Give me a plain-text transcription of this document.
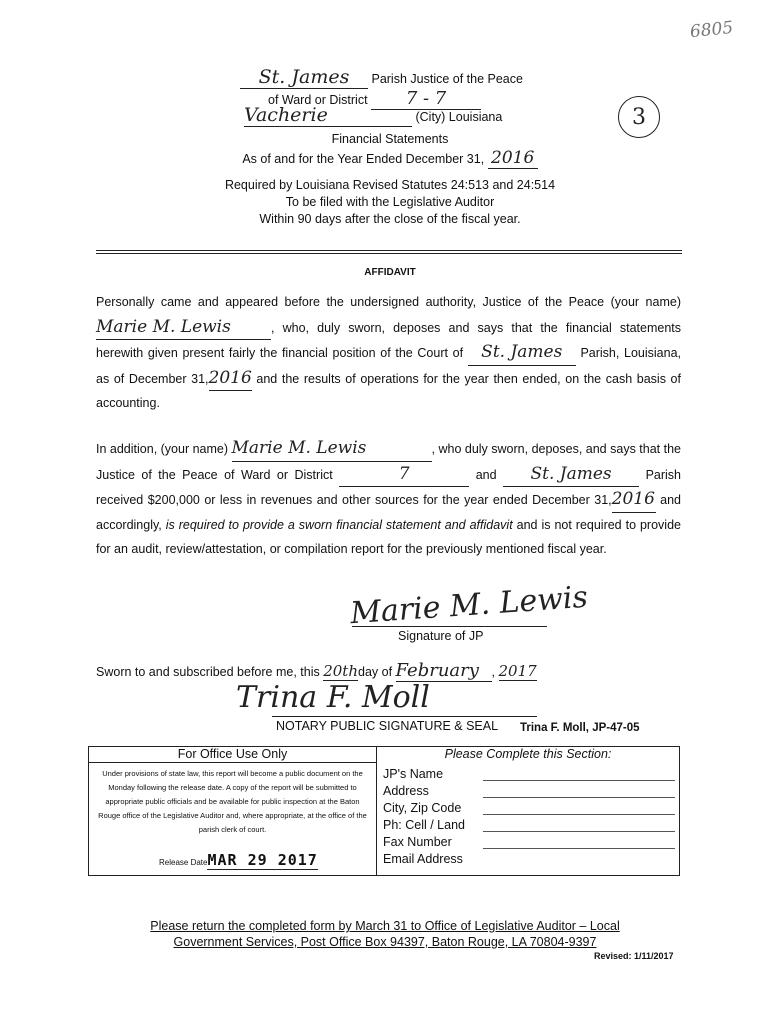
6805
3
St. James Parish Justice of the Peace
of Ward or District 7 - 7
Vacherie	(City) Louisiana
Financial Statements
As of and for the Year Ended December 31, 2016
Required by Louisiana Revised Statutes 24:513 and 24:514
To be filed with the Legislative Auditor
Within 90 days after the close of the fiscal year.
AFFIDAVIT
Personally came and appeared before the undersigned authority, Justice of the Peace (your name) Marie M. Lewis	, who, duly sworn, deposes and says that the financial statements herewith given present fairly the financial position of the Court of St. James Parish, Louisiana, as of December 31,2016 and the results of operations for the year then ended, on the cash basis of accounting.
In addition, (your name) Marie M. Lewis	, who duly sworn, deposes, and says that the Justice of the Peace of Ward or District	7	and St. James	Parish received $200,000 or less in revenues and other sources for the year ended December 31,2016 and accordingly, is required to provide a sworn financial statement and affidavit and is not required to provide for an audit, review/attestation, or compilation report for the previously mentioned fiscal year.
Marie M. Lewis
Signature of JP
Sworn to and subscribed before me, this 20thday of February , 2017
Trina F. Moll
NOTARY PUBLIC SIGNATURE & SEAL Trina F. Moll, JP-47-05
For Office Use Only
Under provisions of state law, this report will become a public document on the Monday following the release date. A copy of the report will be submitted to appropriate public officials and be available for public inspection at the Baton Rouge office of the Legislative Auditor and, where appropriate, at the office of the parish clerk of court.
Release DateMAR 29 2017

Please Complete this Section:
JP's Name
Address
City, Zip Code
Ph: Cell / Land
Fax Number
Email Address
Please return the completed form by March 31 to Office of Legislative Auditor – Local
Government Services, Post Office Box 94397, Baton Rouge, LA 70804-9397
Revised: 1/11/2017
